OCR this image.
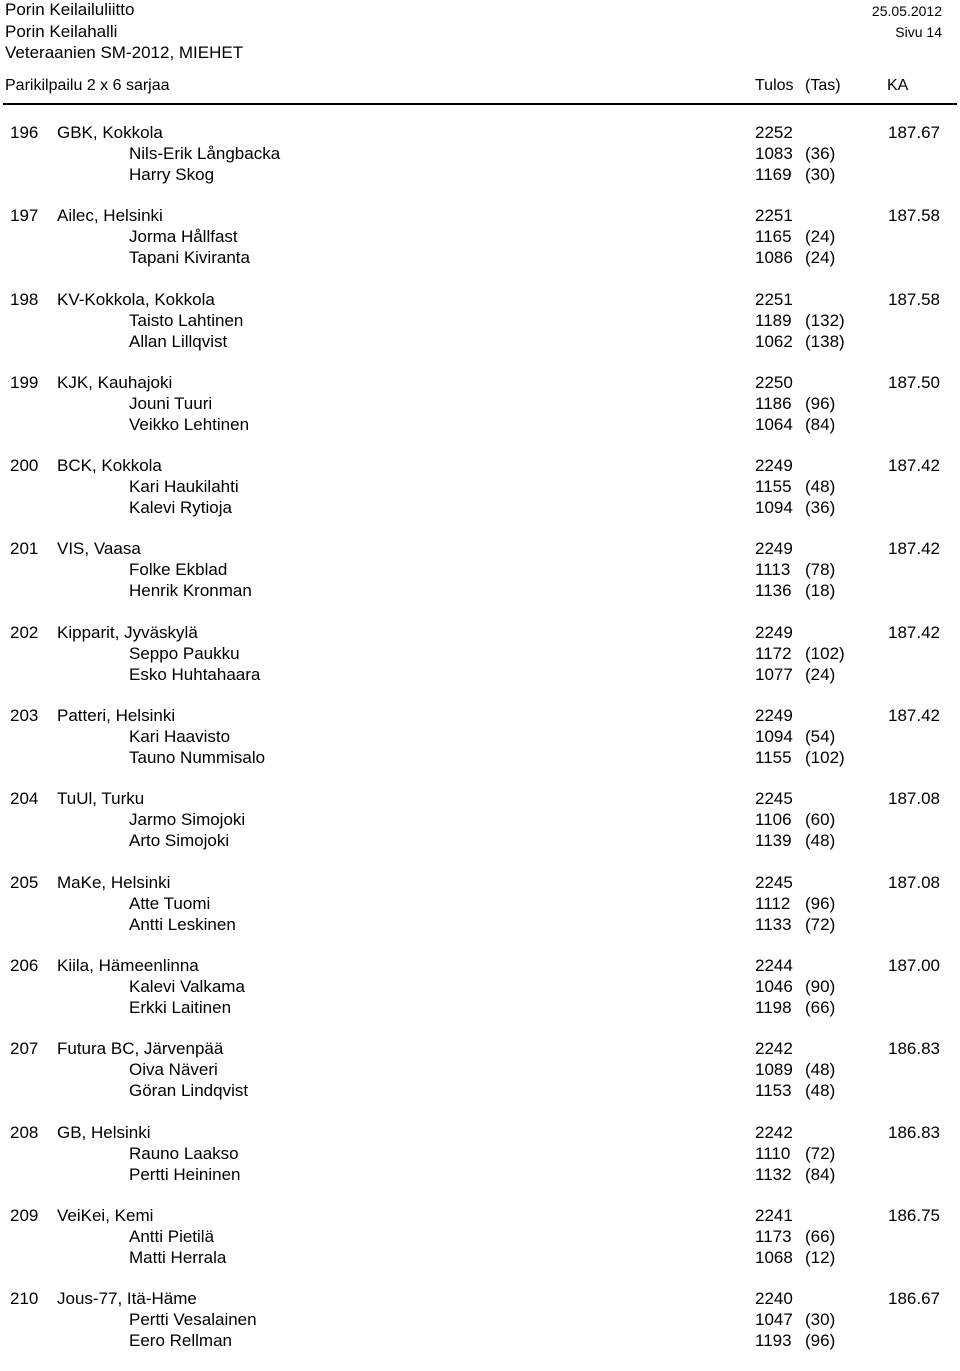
Porin Keilailuliitto
Porin Keilahalli
Veteraanien SM-2012, MIEHET
25.05.2012
Sivu 14
Parikilpailu 2 x 6 sarjaa	Tulos (Tas)	KA
196 GBK, Kokkola	2252	187.67
Nils-Erik Långbacka	1083 (36)
Harry Skog	1169 (30)
197 Ailec, Helsinki	2251	187.58
Jorma Hållfast	1165 (24)
Tapani Kiviranta	1086 (24)
198 KV-Kokkola, Kokkola	2251	187.58
Taisto Lahtinen	1189 (132)
Allan Lillqvist	1062 (138)
199 KJK, Kauhajoki	2250	187.50
Jouni Tuuri	1186 (96)
Veikko Lehtinen	1064 (84)
200 BCK, Kokkola	2249	187.42
Kari Haukilahti	1155 (48)
Kalevi Rytioja	1094 (36)
201 VIS, Vaasa	2249	187.42
Folke Ekblad	1113 (78)
Henrik Kronman	1136 (18)
202 Kipparit, Jyväskylä	2249	187.42
Seppo Paukku	1172 (102)
Esko Huhtahaara	1077 (24)
203 Patteri, Helsinki	2249	187.42
Kari Haavisto	1094 (54)
Tauno Nummisalo	1155 (102)
204 TuUl, Turku	2245	187.08
Jarmo Simojoki	1106 (60)
Arto Simojoki	1139 (48)
205 MaKe, Helsinki	2245	187.08
Atte Tuomi	1112 (96)
Antti Leskinen	1133 (72)
206 Kiila, Hämeenlinna	2244	187.00
Kalevi Valkama	1046 (90)
Erkki Laitinen	1198 (66)
207 Futura BC, Järvenpää	2242	186.83
Oiva Näveri	1089 (48)
Göran Lindqvist	1153 (48)
208 GB, Helsinki	2242	186.83
Rauno Laakso	1110 (72)
Pertti Heininen	1132 (84)
209 VeiKei, Kemi	2241	186.75
Antti Pietilä	1173 (66)
Matti Herrala	1068 (12)
210 Jous-77, Itä-Häme	2240	186.67
Pertti Vesalainen	1047 (30)
Eero Rellman	1193 (96)
